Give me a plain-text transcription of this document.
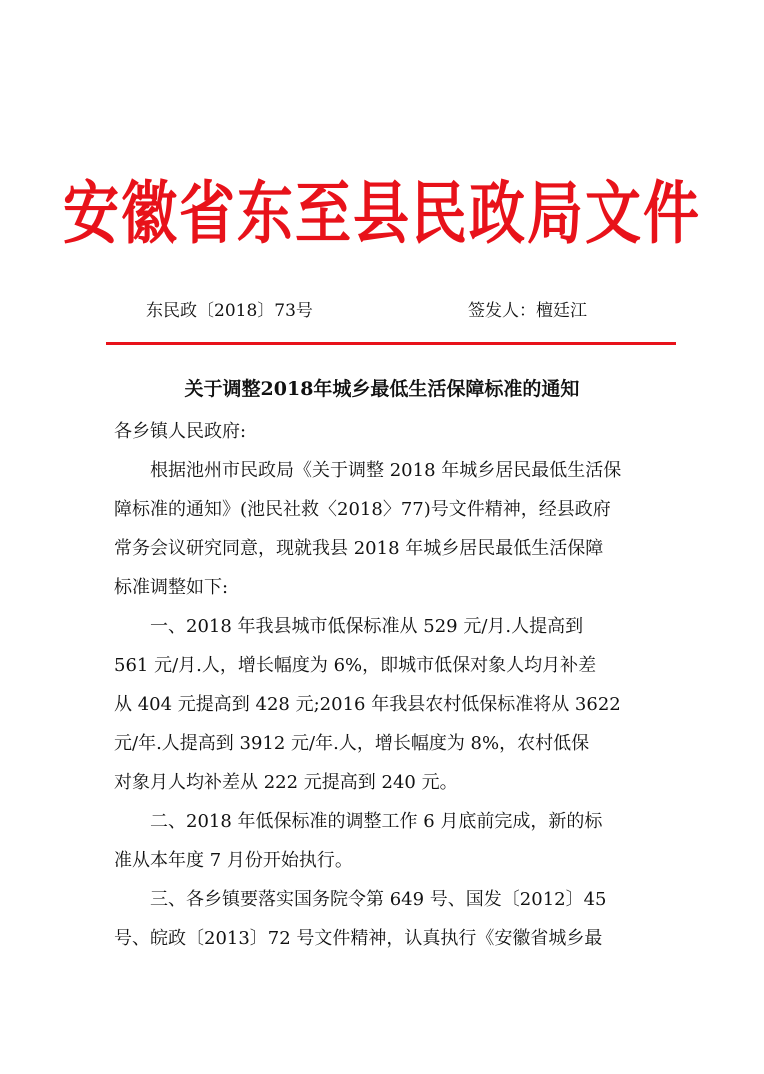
安徽省东至县民政局文件
东民政〔2018〕73号	签发人：檀廷江
关于调整2018年城乡最低生活保障标准的通知
各乡镇人民政府:
根据池州市民政局《关于调整 2018 年城乡居民最低生活保
障标准的通知》(池民社救〈2018〉77)号文件精神，经县政府
常务会议研究同意，现就我县 2018 年城乡居民最低生活保障
标准调整如下:
一、2018 年我县城市低保标准从 529 元/月.人提高到
561 元/月.人，增长幅度为 6%，即城市低保对象人均月补差
从 404 元提高到 428 元;2016 年我县农村低保标准将从 3622
元/年.人提高到 3912 元/年.人，增长幅度为 8%，农村低保
对象月人均补差从 222 元提高到 240 元。
二、2018 年低保标准的调整工作 6 月底前完成，新的标
准从本年度 7 月份开始执行。
三、各乡镇要落实国务院令第 649 号、国发〔2012〕45
号、皖政〔2013〕72 号文件精神，认真执行《安徽省城乡最
